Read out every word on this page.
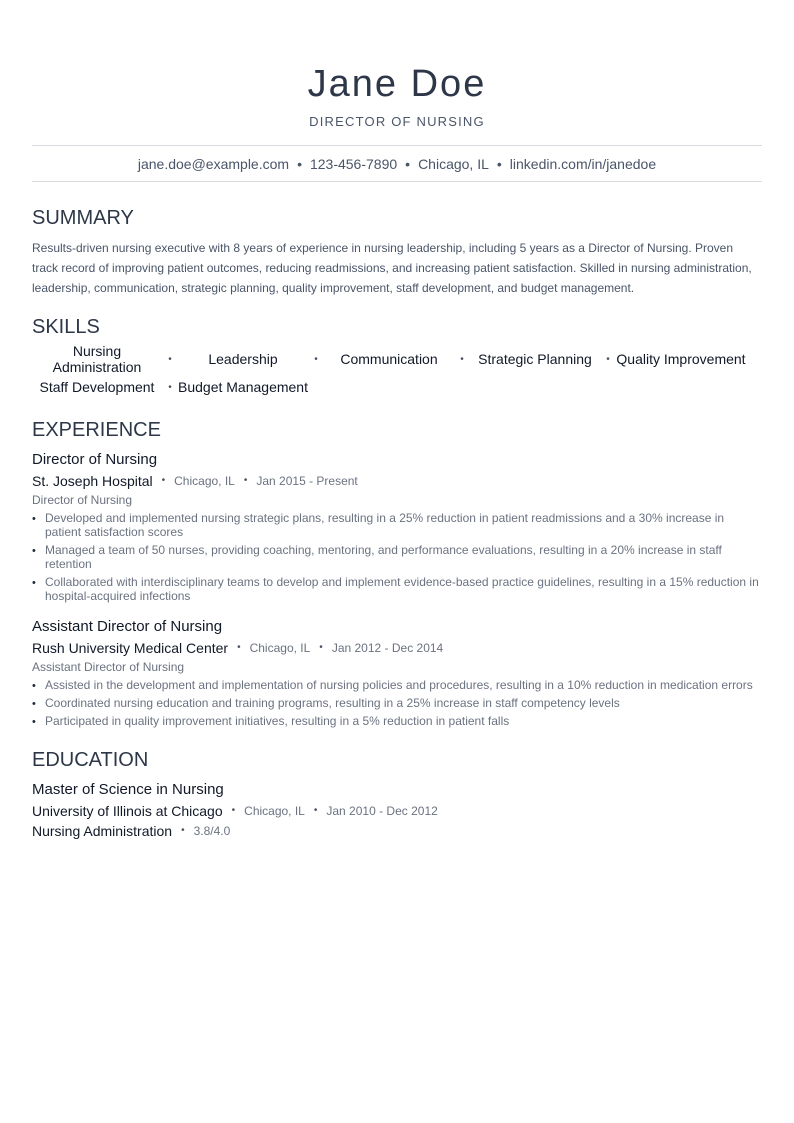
Jane Doe
DIRECTOR OF NURSING
jane.doe@example.com • 123-456-7890 • Chicago, IL • linkedin.com/in/janedoe
SUMMARY
Results-driven nursing executive with 8 years of experience in nursing leadership, including 5 years as a Director of Nursing. Proven track record of improving patient outcomes, reducing readmissions, and increasing patient satisfaction. Skilled in nursing administration, leadership, communication, strategic planning, quality improvement, staff development, and budget management.
SKILLS
Nursing Administration	•	Leadership	•	Communication	•	Strategic Planning	• Quality Improvement
Staff Development	• Budget Management
EXPERIENCE
Director of Nursing
St. Joseph Hospital • Chicago, IL • Jan 2015 - Present
Director of Nursing
• Developed and implemented nursing strategic plans, resulting in a 25% reduction in patient readmissions and a 30% increase in patient satisfaction scores
• Managed a team of 50 nurses, providing coaching, mentoring, and performance evaluations, resulting in a 20% increase in staff retention
• Collaborated with interdisciplinary teams to develop and implement evidence-based practice guidelines, resulting in a 15% reduction in hospital-acquired infections
Assistant Director of Nursing
Rush University Medical Center • Chicago, IL • Jan 2012 - Dec 2014
Assistant Director of Nursing
• Assisted in the development and implementation of nursing policies and procedures, resulting in a 10% reduction in medication errors
• Coordinated nursing education and training programs, resulting in a 25% increase in staff competency levels
• Participated in quality improvement initiatives, resulting in a 5% reduction in patient falls
EDUCATION
Master of Science in Nursing
University of Illinois at Chicago • Chicago, IL • Jan 2010 - Dec 2012
Nursing Administration • 3.8/4.0
